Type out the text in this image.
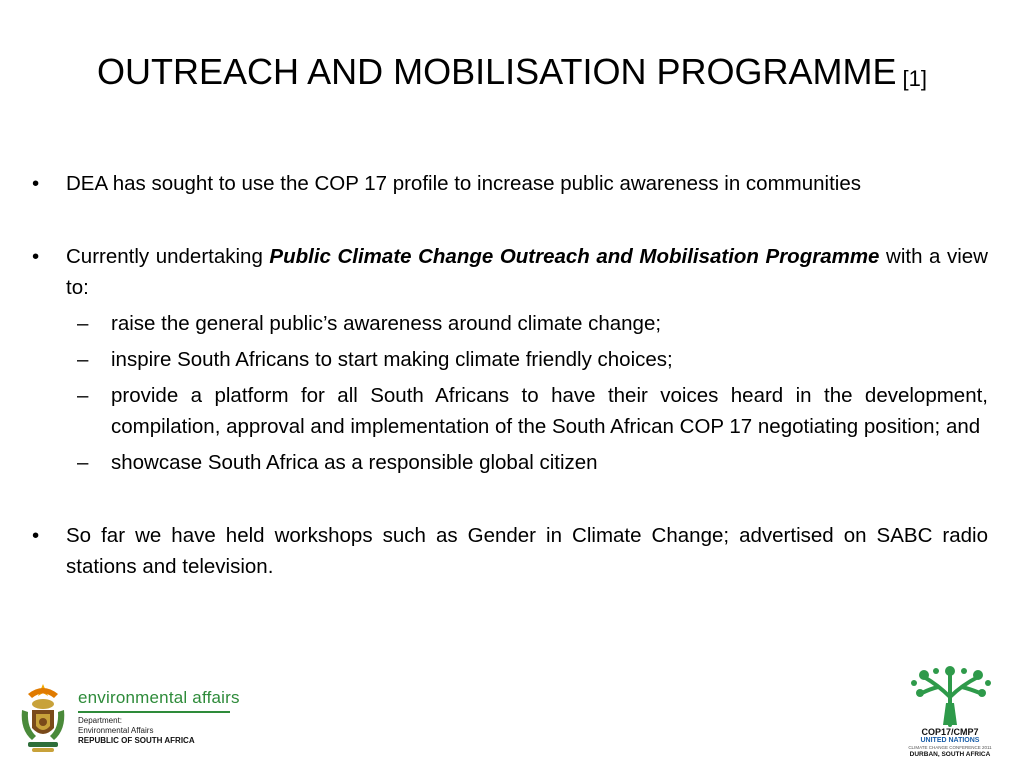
OUTREACH AND MOBILISATION PROGRAMME [1]
• DEA has sought to use the COP 17 profile to increase public awareness in communities
• Currently undertaking Public Climate Change Outreach and Mobilisation Programme with a view to:
– raise the general public’s awareness around climate change;
– inspire South Africans to start making climate friendly choices;
– provide a platform for all South Africans to have their voices heard in the development, compilation, approval and implementation of the South African COP 17 negotiating position; and
– showcase South Africa as a responsible global citizen
• So far we have held workshops such as Gender in Climate Change; advertised on SABC radio stations and television.
environmental affairs
Department:
Environmental Affairs
REPUBLIC OF SOUTH AFRICA
COP17/CMP7
UNITED NATIONS
CLIMATE CHANGE CONFERENCE 2011
DURBAN, SOUTH AFRICA
